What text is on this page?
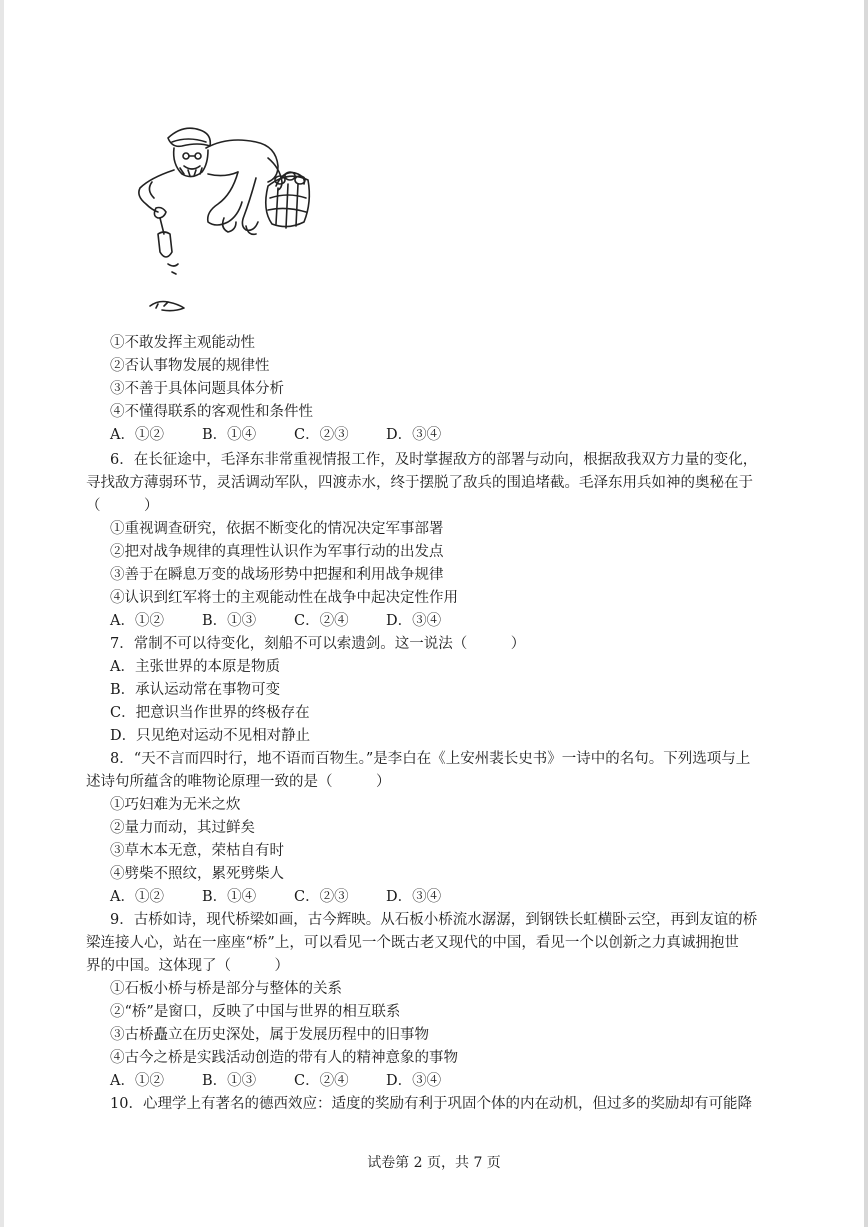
①不敢发挥主观能动性
②否认事物发展的规律性
③不善于具体问题具体分析
④不懂得联系的客观性和条件性
A．①②	B．①④	C．②③	D．③④
6．在长征途中，毛泽东非常重视情报工作，及时掌握敌方的部署与动向，根据敌我双方力量的变化，
寻找敌方薄弱环节，灵活调动军队，四渡赤水，终于摆脱了敌兵的围追堵截。毛泽东用兵如神的奥秘在于
（　　　）
①重视调查研究，依据不断变化的情况决定军事部署
②把对战争规律的真理性认识作为军事行动的出发点
③善于在瞬息万变的战场形势中把握和利用战争规律
④认识到红军将士的主观能动性在战争中起决定性作用
A．①②	B．①③	C．②④	D．③④
7．常制不可以待变化，刻船不可以索遗剑。这一说法（　　　）
A．主张世界的本原是物质
B．承认运动常在事物可变
C．把意识当作世界的终极存在
D．只见绝对运动不见相对静止
8．“天不言而四时行，地不语而百物生。”是李白在《上安州裴长史书》一诗中的名句。下列选项与上
述诗句所蕴含的唯物论原理一致的是（　　　）
①巧妇难为无米之炊
②量力而动，其过鲜矣
③草木本无意，荣枯自有时
④劈柴不照纹，累死劈柴人
A．①②	B．①④	C．②③	D．③④
9．古桥如诗，现代桥梁如画，古今辉映。从石板小桥流水潺潺，到钢铁长虹横卧云空，再到友谊的桥
梁连接人心，站在一座座“桥”上，可以看见一个既古老又现代的中国，看见一个以创新之力真诚拥抱世
界的中国。这体现了（　　　）
①石板小桥与桥是部分与整体的关系
②“桥”是窗口，反映了中国与世界的相互联系
③古桥矗立在历史深处，属于发展历程中的旧事物
④古今之桥是实践活动创造的带有人的精神意象的事物
A．①②	B．①③	C．②④	D．③④
10．心理学上有著名的德西效应：适度的奖励有利于巩固个体的内在动机，但过多的奖励却有可能降
试卷第 2 页，共 7 页
